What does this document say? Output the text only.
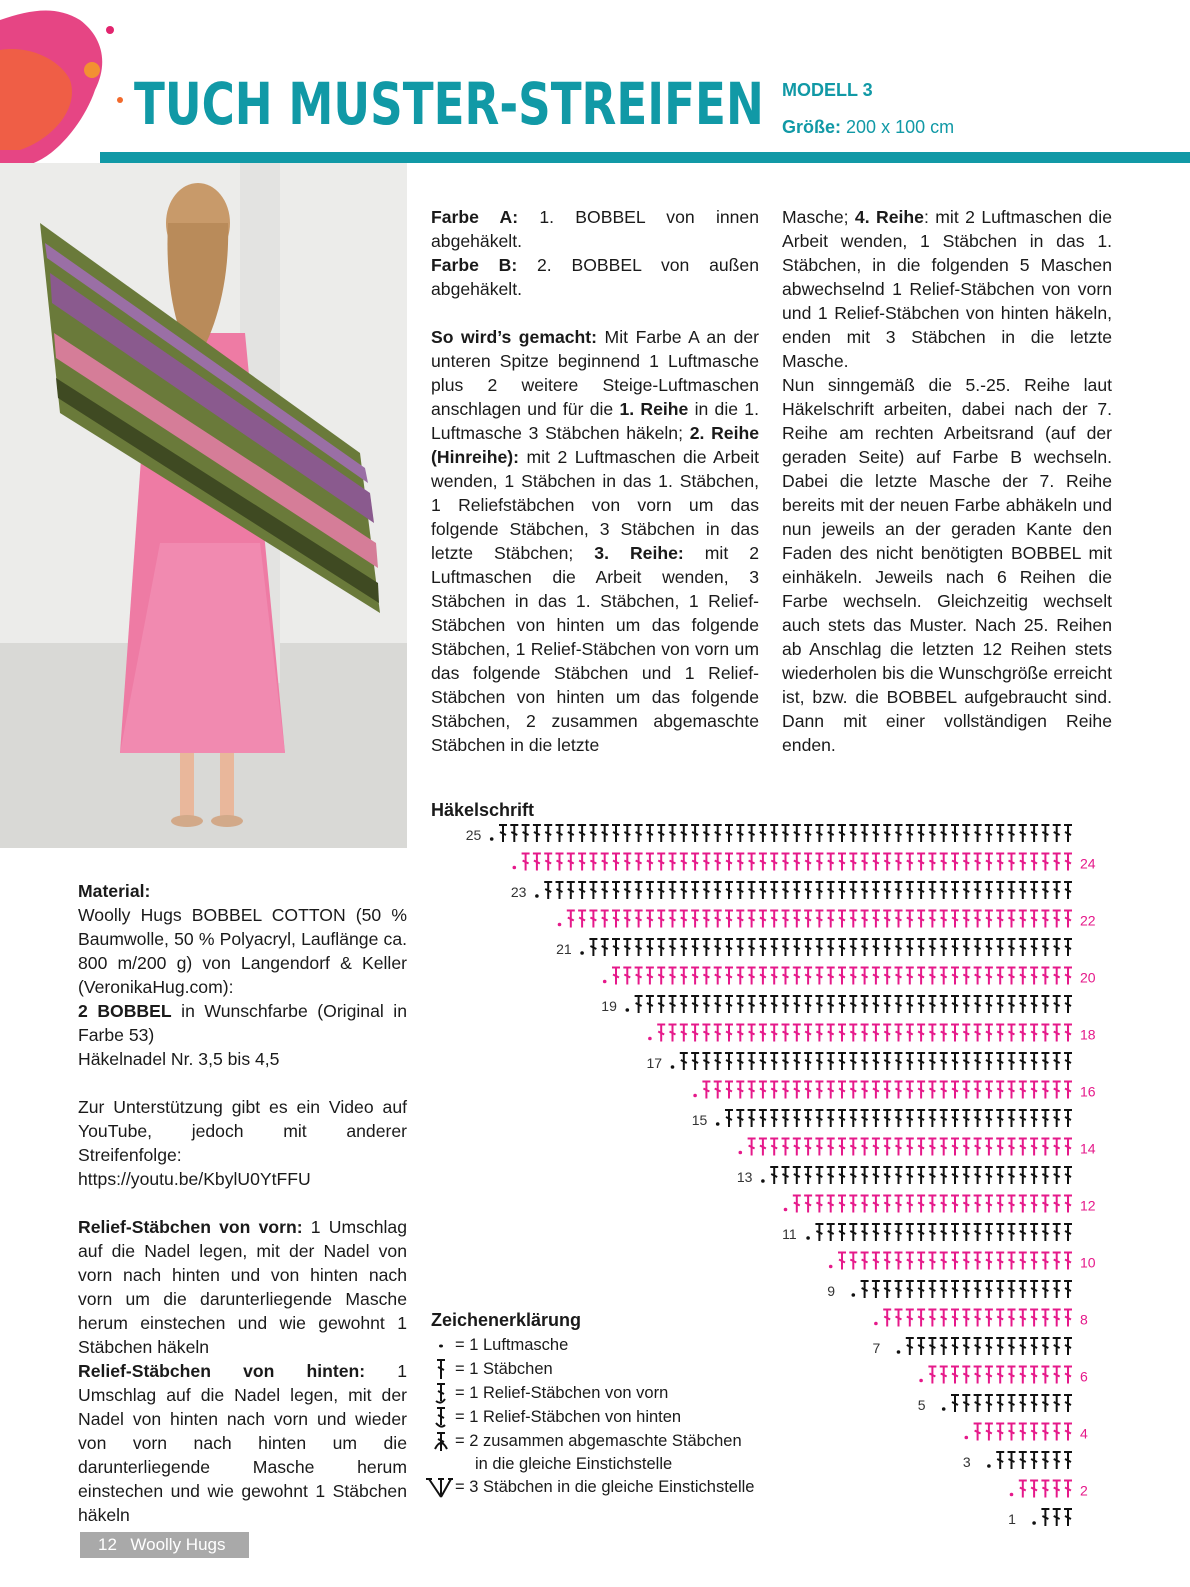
TUCH MUSTER-STREIFEN MODELL 3
Größe: 200 x 100 cm

Farbe A: 1. BOBBEL von innen abgehäkelt.

Farbe B: 2. BOBBEL von außen abgehäkelt.

So wird’s gemacht: Mit Farbe A an der unteren Spitze beginnend 1 Luftmasche plus 2 weitere Steige-Luftmaschen anschlagen und für die 1. Reihe in die 1. Luftmasche 3 Stäbchen häkeln; 2. Reihe (Hinreihe): mit 2 Luftmaschen die Arbeit wenden, 1 Stäbchen in das 1. Stäbchen, 1 Reliefstäbchen von vorn um das folgende Stäbchen, 3 Stäbchen in das letzte Stäbchen; 3. Reihe: mit 2 Luftmaschen die Arbeit wenden, 3 Stäbchen in das 1. Stäbchen, 1 Relief-Stäbchen von hinten um das folgende Stäbchen, 1 Relief-Stäbchen von vorn um das folgende Stäbchen und 1 Relief-Stäbchen von hinten um das folgende Stäbchen, 2 zusammen abgemaschte Stäbchen in die letzte

Masche; 4. Reihe: mit 2 Luftmaschen die Arbeit wenden, 1 Stäbchen in das 1. Stäbchen, in die folgenden 5 Maschen abwechselnd 1 Relief-Stäbchen von vorn und 1 Relief-Stäbchen von hinten häkeln, enden mit 3 Stäbchen in die letzte Masche.

Nun sinngemäß die 5.-25. Reihe laut Häkelschrift arbeiten, dabei nach der 7. Reihe am rechten Arbeitsrand (auf der geraden Seite) auf Farbe B wechseln. Dabei die letzte Masche der 7. Reihe bereits mit der neuen Farbe abhäkeln und nun jeweils an der geraden Kante den Faden des nicht benötigten BOBBEL mit einhäkeln. Jeweils nach 6 Reihen die Farbe wechseln. Gleichzeitig wechselt auch stets das Muster. Nach 25. Reihen ab Anschlag die letzten 12 Reihen stets wiederholen bis die Wunschgröße erreicht ist, bzw. die BOBBEL aufgebraucht sind. Dann mit einer vollständigen Reihe enden.

Material:

Woolly Hugs BOBBEL COTTON (50 % Baumwolle, 50 % Polyacryl, Lauflänge ca. 800 m/200 g) von Langendorf & Keller (VeronikaHug.com):

2 BOBBEL in Wunschfarbe (Original in Farbe 53)

Häkelnadel Nr. 3,5 bis 4,5

Zur Unterstützung gibt es ein Video auf YouTube, jedoch mit anderer Streifenfolge: https://youtu.be/KbylU0YtFFU

Relief-Stäbchen von vorn: 1 Umschlag auf die Nadel legen, mit der Nadel von vorn nach hinten und von hinten nach vorn um die darunterliegende Masche herum einstechen und wie gewohnt 1 Stäbchen häkeln

Relief-Stäbchen von hinten: 1 Umschlag auf die Nadel legen, mit der Nadel von hinten nach vorn und wieder von vorn nach hinten um die darunterliegende Masche herum einstechen und wie gewohnt 1 Stäbchen häkeln

Häkelschrift
1
2
3
4
5
6
7
8
9
10
11
12
13
14
15
16
17
18
19
20
21
22
23
24
25
Zeichenerklärung
= 1 Luftmasche
= 1 Stäbchen
= 1 Relief-Stäbchen von vorn
= 1 Relief-Stäbchen von hinten
= 2 zusammen abgemaschte Stäbchen
in die gleiche Einstichstelle
= 3 Stäbchen in die gleiche Einstichstelle
12 Woolly Hugs
